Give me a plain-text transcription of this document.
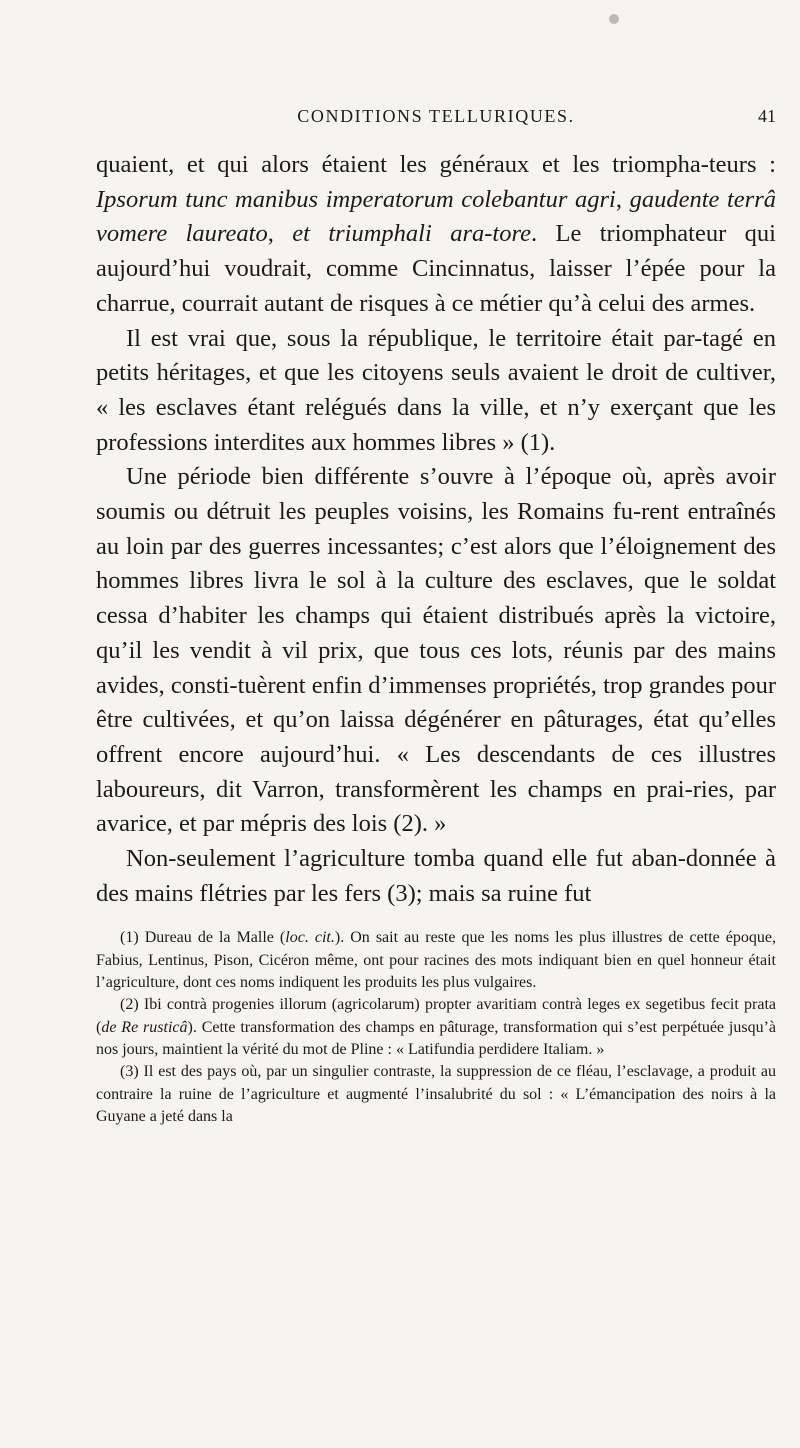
CONDITIONS TELLURIQUES.	41

quaient, et qui alors étaient les généraux et les triompha-teurs : Ipsorum tunc manibus imperatorum colebantur agri, gaudente terrâ vomere laureato, et triumphali ara-tore. Le triomphateur qui aujourd’hui voudrait, comme Cincinnatus, laisser l’épée pour la charrue, courrait autant de risques à ce métier qu’à celui des armes.

Il est vrai que, sous la république, le territoire était par-tagé en petits héritages, et que les citoyens seuls avaient le droit de cultiver, « les esclaves étant relégués dans la ville, et n’y exerçant que les professions interdites aux hommes libres » (1).

Une période bien différente s’ouvre à l’époque où, après avoir soumis ou détruit les peuples voisins, les Romains fu-rent entraînés au loin par des guerres incessantes; c’est alors que l’éloignement des hommes libres livra le sol à la culture des esclaves, que le soldat cessa d’habiter les champs qui étaient distribués après la victoire, qu’il les vendit à vil prix, que tous ces lots, réunis par des mains avides, consti-tuèrent enfin d’immenses propriétés, trop grandes pour être cultivées, et qu’on laissa dégénérer en pâturages, état qu’elles offrent encore aujourd’hui. « Les descendants de ces illustres laboureurs, dit Varron, transformèrent les champs en prai-ries, par avarice, et par mépris des lois (2). »

Non-seulement l’agriculture tomba quand elle fut aban-donnée à des mains flétries par les fers (3); mais sa ruine fut

(1) Dureau de la Malle (loc. cit.). On sait au reste que les noms les plus illustres de cette époque, Fabius, Lentinus, Pison, Cicéron même, ont pour racines des mots indiquant bien en quel honneur était l’agriculture, dont ces noms indiquent les produits les plus vulgaires.

(2) Ibi contrà progenies illorum (agricolarum) propter avaritiam contrà leges ex segetibus fecit prata (de Re rusticâ). Cette transformation des champs en pâturage, transformation qui s’est perpétuée jusqu’à nos jours, maintient la vérité du mot de Pline : « Latifundia perdidere Italiam. »

(3) Il est des pays où, par un singulier contraste, la suppression de ce fléau, l’esclavage, a produit au contraire la ruine de l’agriculture et augmenté l’insalubrité du sol : « L’émancipation des noirs à la Guyane a jeté dans la
